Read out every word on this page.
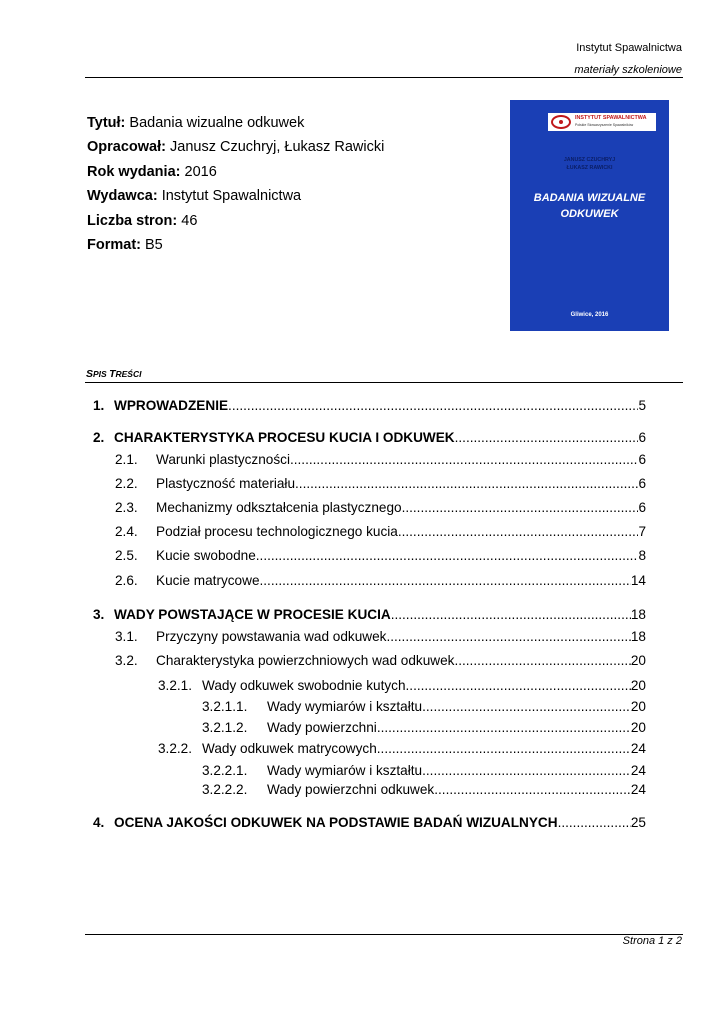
Instytut Spawalnictwa
materiały szkoleniowe
Tytuł: Badania wizualne odkuwek
Opracował: Janusz Czuchryj, Łukasz Rawicki
Rok wydania: 2016
Wydawca: Instytut Spawalnictwa
Liczba stron: 46
Format: B5
INSTYTUT SPAWALNICTWA
Polskie Stowarzyszenie Spawalników
JANUSZ CZUCHRYJ
ŁUKASZ RAWICKI
BADANIA WIZUALNE
ODKUWEK
Gliwice, 2016
SPIS TREŚCI
1. WPROWADZENIE .....	5
2. CHARAKTERYSTYKA PROCESU KUCIA I ODKUWEK .....	6
2.1.	Warunki plastyczności .....	6
2.2.	Plastyczność materiału .....	6
2.3.	Mechanizmy odkształcenia plastycznego .....	6
2.4.	Podział procesu technologicznego kucia .....	7
2.5.	Kucie swobodne .....	8
2.6.	Kucie matrycowe .....	14
3. WADY POWSTAJĄCE W PROCESIE KUCIA .....	18
3.1.	Przyczyny powstawania wad odkuwek .....	18
3.2.	Charakterystyka powierzchniowych wad odkuwek .....	20
3.2.1. Wady odkuwek swobodnie kutych .....	20
3.2.1.1.	Wady wymiarów i kształtu .....	20
3.2.1.2.	Wady powierzchni .....	20
3.2.2. Wady odkuwek matrycowych .....	24
3.2.2.1.	Wady wymiarów i kształtu .....	24
3.2.2.2.	Wady powierzchni odkuwek .....	24
4. OCENA JAKOŚCI ODKUWEK NA PODSTAWIE BADAŃ WIZUALNYCH .....	25
Strona 1 z 2
